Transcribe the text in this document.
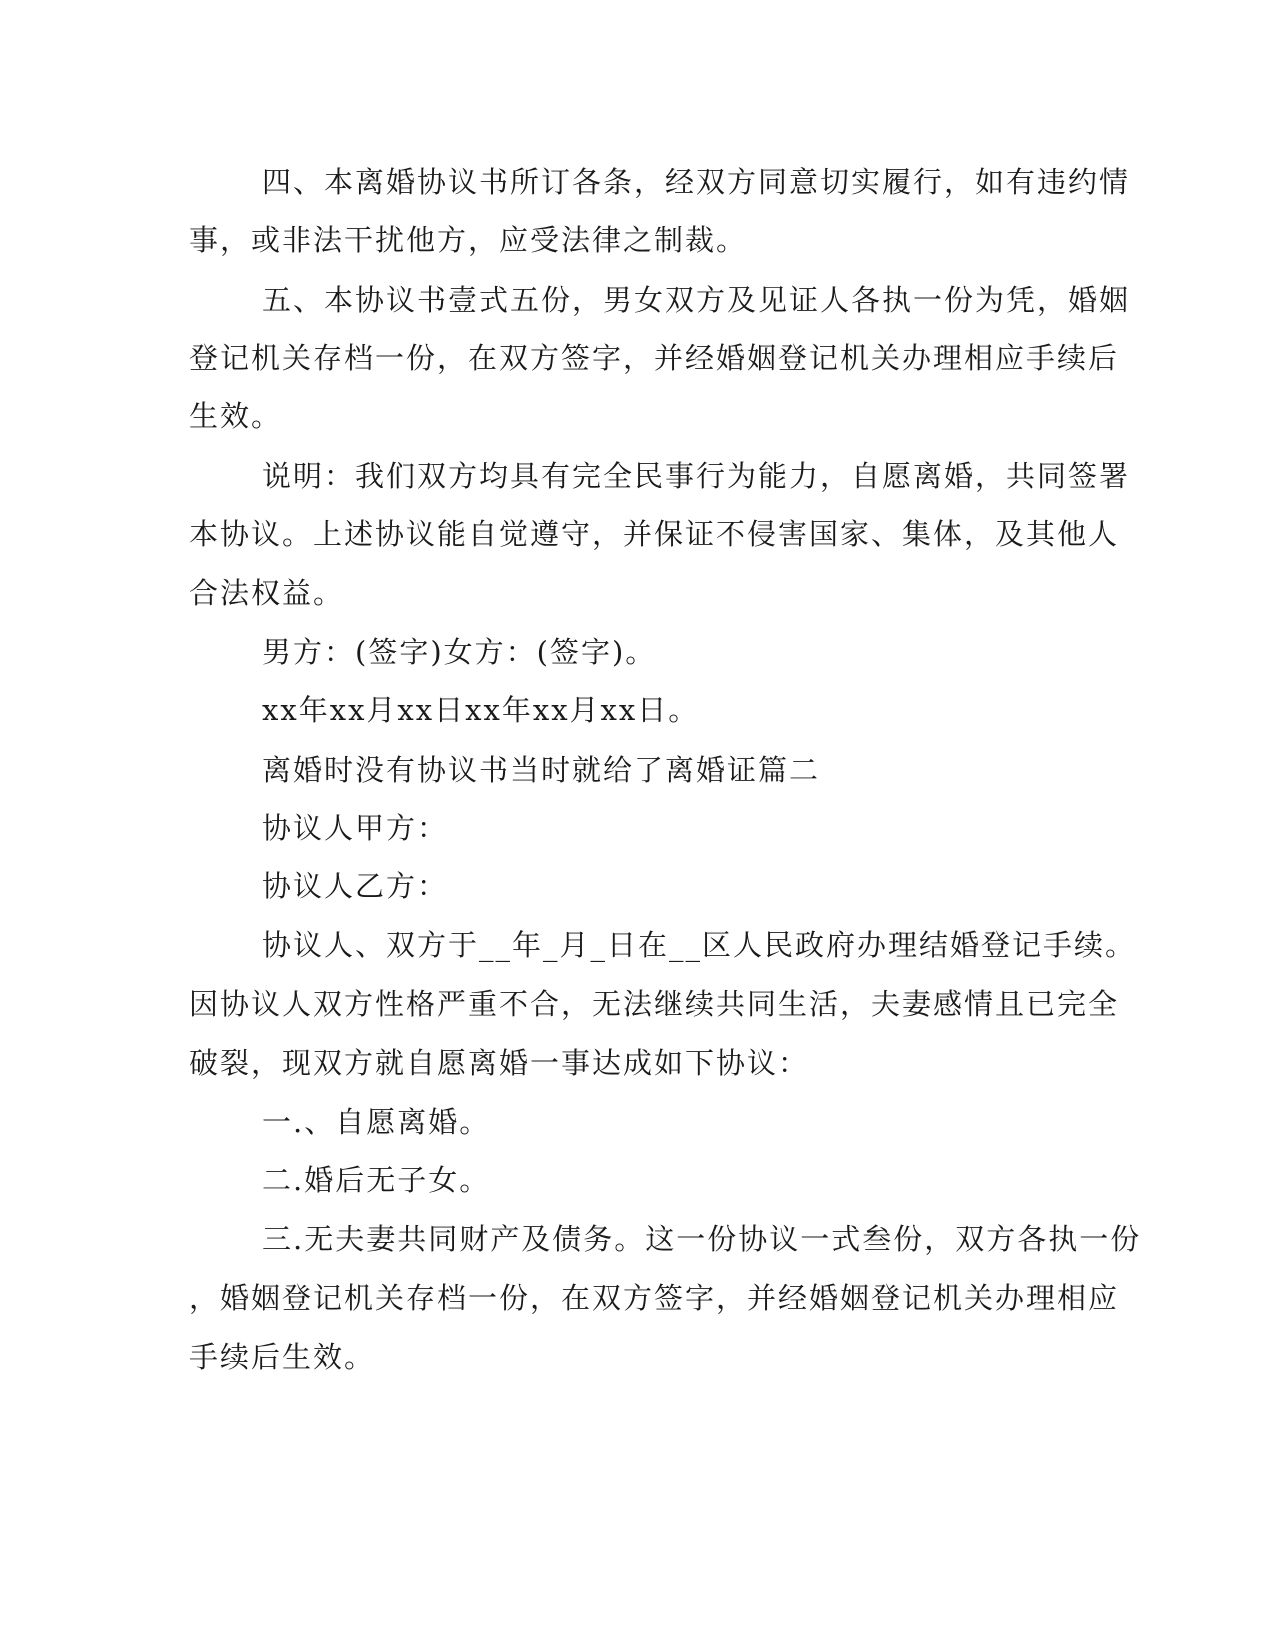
四、本离婚协议书所订各条，经双方同意切实履行，如有违约情
事，或非法干扰他方，应受法律之制裁。
五、本协议书壹式五份，男女双方及见证人各执一份为凭，婚姻
登记机关存档一份，在双方签字，并经婚姻登记机关办理相应手续后
生效。
说明：我们双方均具有完全民事行为能力，自愿离婚，共同签署
本协议。上述协议能自觉遵守，并保证不侵害国家、集体，及其他人
合法权益。
男方：(签字)女方：(签字)。
xx年xx月xx日xx年xx月xx日。
离婚时没有协议书当时就给了离婚证篇二
协议人甲方：
协议人乙方：
协议人、双方于__年_月_日在__区人民政府办理结婚登记手续。
因协议人双方性格严重不合，无法继续共同生活，夫妻感情且已完全
破裂，现双方就自愿离婚一事达成如下协议：
一.、自愿离婚。
二.婚后无子女。
三.无夫妻共同财产及债务。这一份协议一式叁份，双方各执一份
，婚姻登记机关存档一份，在双方签字，并经婚姻登记机关办理相应
手续后生效。
